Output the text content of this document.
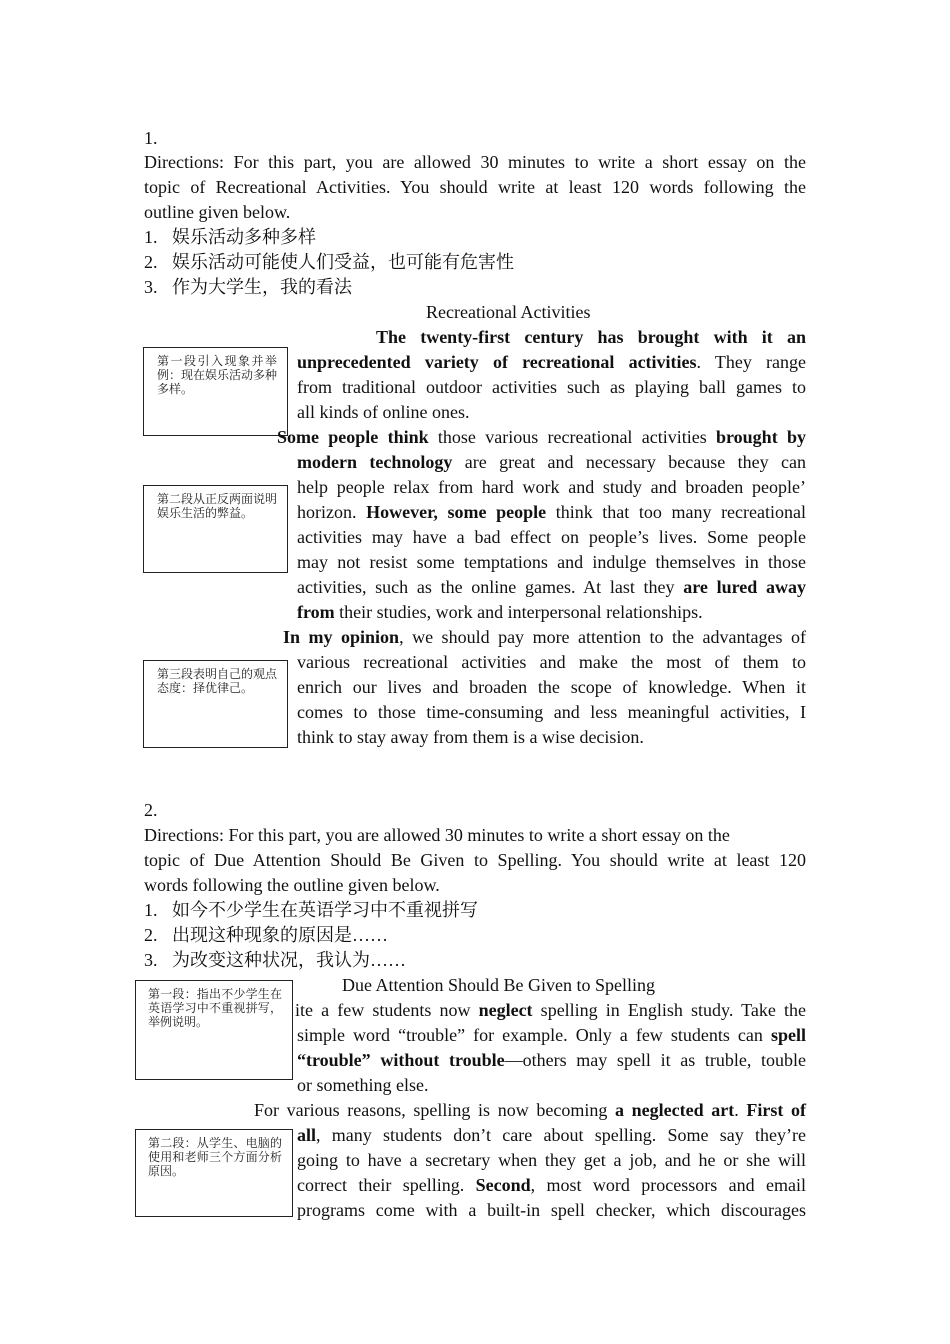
1.
Directions: For this part, you are allowed 30 minutes to write a short essay on the
topic of Recreational Activities. You should write at least 120 words following the
outline given below.
1. 娱乐活动多种多样
2. 娱乐活动可能使人们受益，也可能有危害性
3. 作为大学生，我的看法
Recreational Activities
第一段引入现象并举例：现在娱乐活动多种多样。
第二段从正反两面说明娱乐生活的弊益。
第三段表明自己的观点态度：择优律己。
The twenty-first century has brought with it an
unprecedented variety of recreational activities. They range
from traditional outdoor activities such as playing ball games to
all kinds of online ones.
Some people think those various recreational activities brought by
modern technology are great and necessary because they can
help people relax from hard work and study and broaden people’
horizon. However, some people think that too many recreational
activities may have a bad effect on people’s lives. Some people
may not resist some temptations and indulge themselves in those
activities, such as the online games. At last they are lured away
from their studies, work and interpersonal relationships.
In my opinion, we should pay more attention to the advantages of
various recreational activities and make the most of them to
enrich our lives and broaden the scope of knowledge. When it
comes to those time-consuming and less meaningful activities, I
think to stay away from them is a wise decision.
2.
Directions: For this part, you are allowed 30 minutes to write a short essay on the
topic of Due Attention Should Be Given to Spelling. You should write at least 120
words following the outline given below.
1. 如今不少学生在英语学习中不重视拼写
2. 出现这种现象的原因是……
3. 为改变这种状况，我认为……
Due Attention Should Be Given to Spelling
第一段：指出不少学生在英语学习中不重视拼写，举例说明。
第二段：从学生、电脑的使用和老师三个方面分析原因。
ite a few students now neglect spelling in English study. Take the
simple word “trouble” for example. Only a few students can spell
“trouble” without trouble—others may spell it as truble, touble
or something else.
For various reasons, spelling is now becoming a neglected art. First of
all, many students don’t care about spelling. Some say they’re
going to have a secretary when they get a job, and he or she will
correct their spelling. Second, most word processors and email
programs come with a built-in spell checker, which discourages
